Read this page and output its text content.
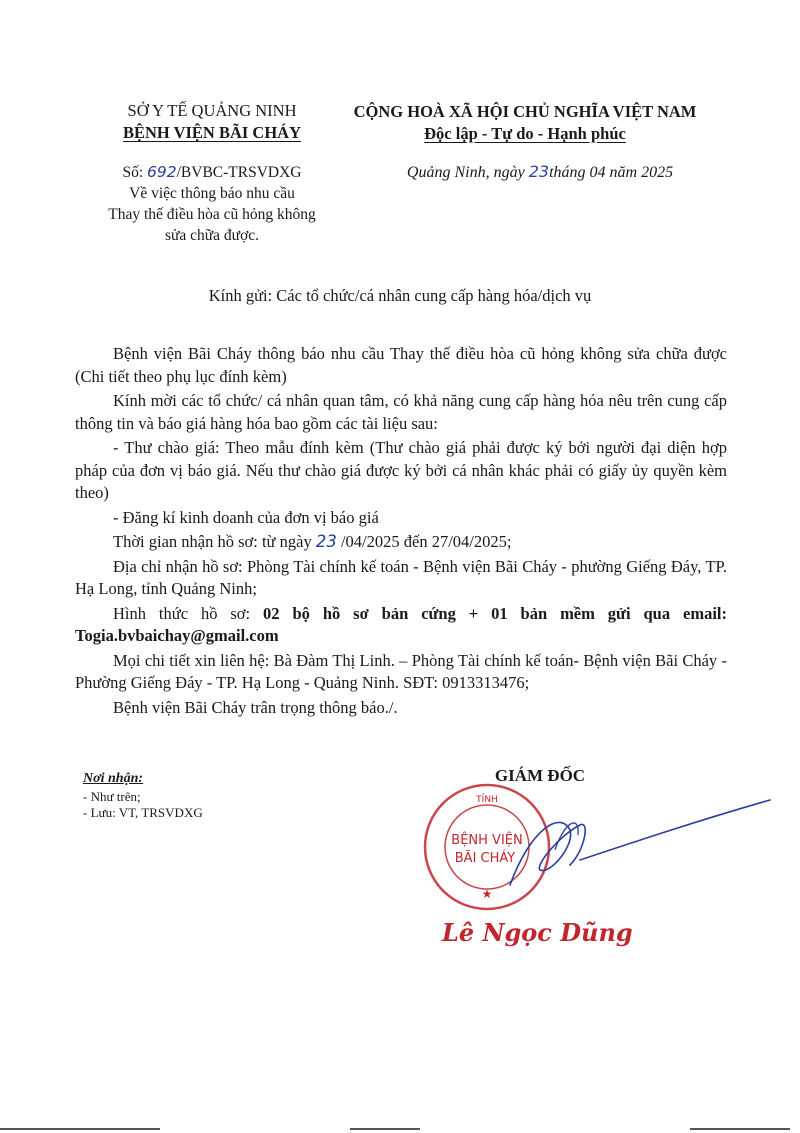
SỞ Y TẾ QUẢNG NINH
BỆNH VIỆN BÃI CHÁY
Số: 692/BVBC-TRSVDXG
Về việc thông báo nhu cầu
Thay thế điều hòa cũ hỏng không
sửa chữa được.
CỘNG HOÀ XÃ HỘI CHỦ NGHĨA VIỆT NAM
Độc lập - Tự do - Hạnh phúc
Quảng Ninh, ngày 23tháng 04 năm 2025
Kính gửi: Các tổ chức/cá nhân cung cấp hàng hóa/dịch vụ

Bệnh viện Bãi Cháy thông báo nhu cầu Thay thế điều hòa cũ hỏng không sửa chữa được (Chi tiết theo phụ lục đính kèm)

Kính mời các tổ chức/ cá nhân quan tâm, có khả năng cung cấp hàng hóa nêu trên cung cấp thông tin và báo giá hàng hóa bao gồm các tài liệu sau:

- Thư chào giá: Theo mẫu đính kèm (Thư chào giá phải được ký bởi người đại diện hợp pháp của đơn vị báo giá. Nếu thư chào giá được ký bởi cá nhân khác phải có giấy ủy quyền kèm theo)

- Đăng kí kinh doanh của đơn vị báo giá

Thời gian nhận hồ sơ: từ ngày 23 /04/2025 đến 27/04/2025;

Địa chỉ nhận hồ sơ: Phòng Tài chính kế toán - Bệnh viện Bãi Cháy - phường Giếng Đáy, TP. Hạ Long, tỉnh Quảng Ninh;

Hình thức hồ sơ: 02 bộ hồ sơ bản cứng + 01 bản mềm gửi qua email: Togia.bvbaichay@gmail.com

Mọi chi tiết xin liên hệ: Bà Đàm Thị Linh. – Phòng Tài chính kế toán- Bệnh viện Bãi Cháy - Phường Giếng Đáy - TP. Hạ Long - Quảng Ninh. SĐT: 0913313476;

Bệnh viện Bãi Cháy trân trọng thông báo./.

Nơi nhận:
- Như trên;
- Lưu: VT, TRSVDXG
GIÁM ĐỐC
TỈNH
BỆNH VIỆN
BÃI CHÁY
★
Lê Ngọc Dũng
